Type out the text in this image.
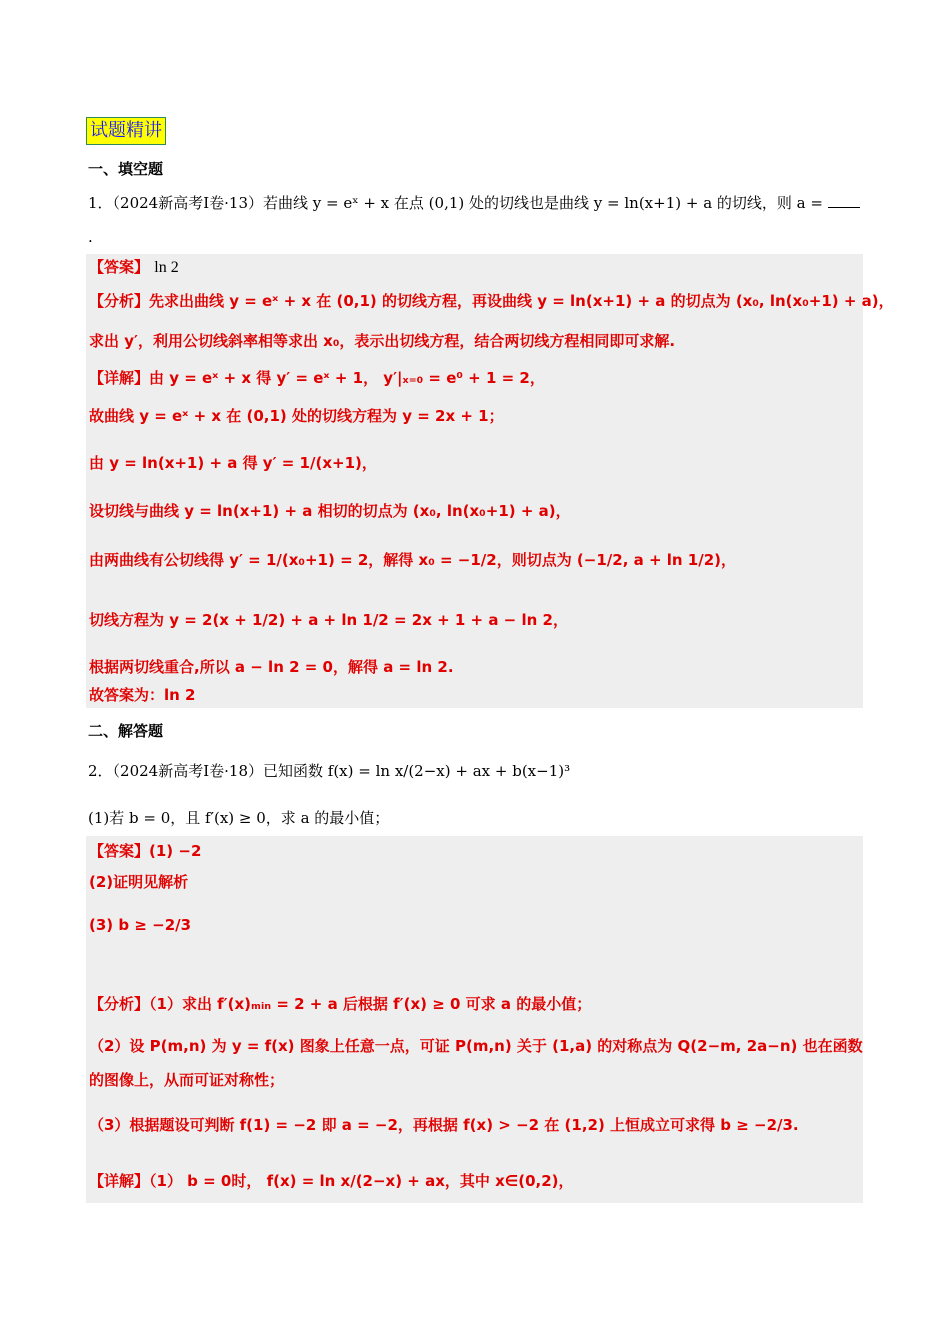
试题精讲
一、填空题
1．（2024新高考Ⅰ卷·13）若曲线 y = eˣ + x 在点 (0,1) 处的切线也是曲线 y = ln(x+1) + a 的切线，则 a =
.
【答案】 ln 2
【分析】先求出曲线 y = eˣ + x 在 (0,1) 的切线方程，再设曲线 y = ln(x+1) + a 的切点为 (x₀, ln(x₀+1) + a)，
求出 y′，利用公切线斜率相等求出 x₀，表示出切线方程，结合两切线方程相同即可求解.
【详解】由 y = eˣ + x 得 y′ = eˣ + 1， y′|ₓ₌₀ = e⁰ + 1 = 2，
故曲线 y = eˣ + x 在 (0,1) 处的切线方程为 y = 2x + 1；
由 y = ln(x+1) + a 得 y′ = 1/(x+1)，
设切线与曲线 y = ln(x+1) + a 相切的切点为 (x₀, ln(x₀+1) + a)，
由两曲线有公切线得 y′ = 1/(x₀+1) = 2，解得 x₀ = −1/2，则切点为 (−1/2, a + ln 1/2)，
切线方程为 y = 2(x + 1/2) + a + ln 1/2 = 2x + 1 + a − ln 2，
根据两切线重合,所以 a − ln 2 = 0，解得 a = ln 2.
故答案为：ln 2
二、解答题
2．（2024新高考Ⅰ卷·18）已知函数 f(x) = ln x/(2−x) + ax + b(x−1)³
(1)若 b = 0，且 f′(x) ≥ 0，求 a 的最小值；
【答案】(1) −2
(2)证明见解析
(3) b ≥ −2/3
【分析】（1）求出 f′(x)ₘᵢₙ = 2 + a 后根据 f′(x) ≥ 0 可求 a 的最小值；
（2）设 P(m,n) 为 y = f(x) 图象上任意一点，可证 P(m,n) 关于 (1,a) 的对称点为 Q(2−m, 2a−n) 也在函数
的图像上，从而可证对称性；
（3）根据题设可判断 f(1) = −2 即 a = −2，再根据 f(x) > −2 在 (1,2) 上恒成立可求得 b ≥ −2/3.
【详解】（1） b = 0时， f(x) = ln x/(2−x) + ax，其中 x∈(0,2)，
